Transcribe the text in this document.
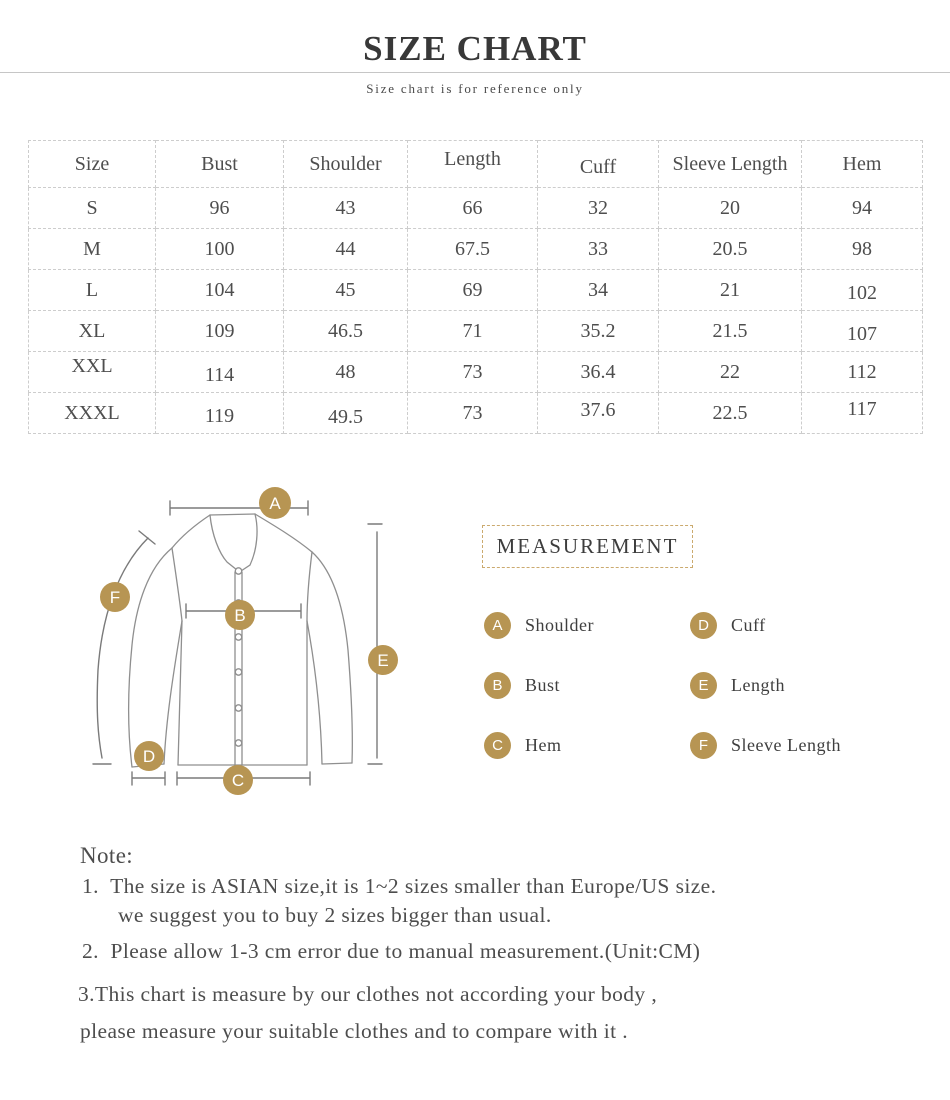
SIZE CHART
Size chart is for reference only
Size	Bust	Shoulder	Length	Cuff	Sleeve Length	Hem
S	96	43	66	32	20	94
M	100	44	67.5	33	20.5	98
L	104	45	69	34	21	102
XL	109	46.5	71	35.2	21.5	107
XXL	114	48	73	36.4	22	112
XXXL	119	49.5	73	37.6	22.5	117
A
B
C
D
E
F
MEASUREMENT
A	Shoulder	D	Cuff
B	Bust	E	Length
C	Hem	F	Sleeve Length
Note:
1.  The size is ASIAN size,it is 1~2 sizes smaller than Europe/US size.
we suggest you to buy 2 sizes bigger than usual.
2.  Please allow 1-3 cm error due to manual measurement.(Unit:CM)
3.This chart is measure by our clothes not according your body ,
please measure your suitable clothes and to compare with it .
